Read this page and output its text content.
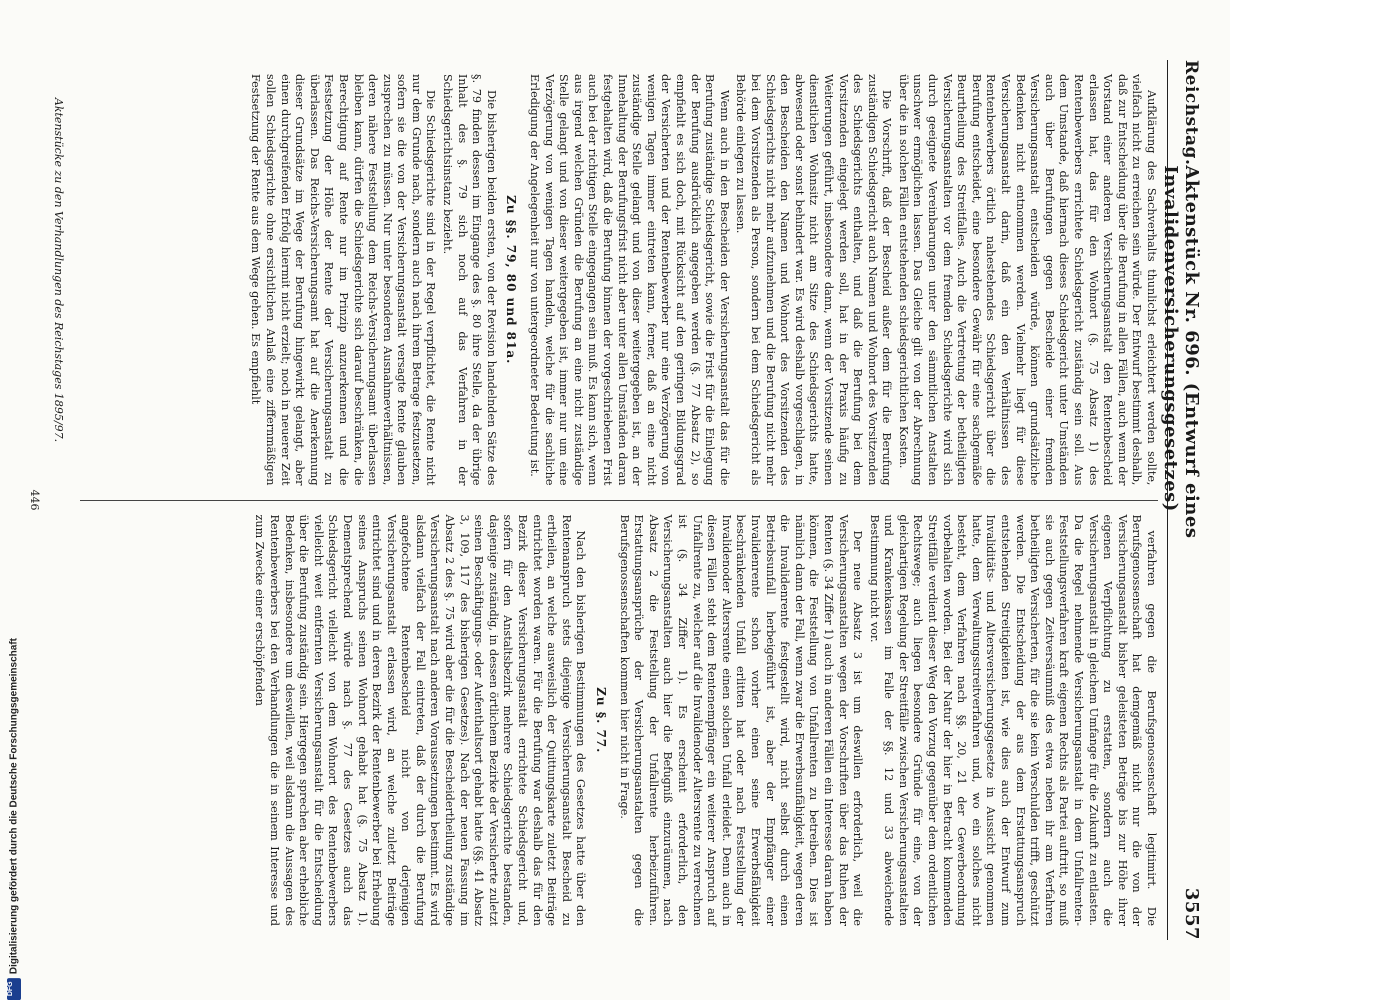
Reichstag.
Aktenstück Nr. 696. (Entwurf eines Invalidenversicherungsgesetzes)
3557

Aufklärung des Sachverhalts thunlichst erleichtert werden sollte, vielfach nicht zu erreichen sein würde. Der Entwurf bestimmt deshalb, daß zur Entscheidung über die Berufung in allen Fällen, auch wenn der Vorstand einer anderen Versicherungsanstalt den Rentenbescheid erlassen hat, das für den Wohnort (§. 75 Absatz 1) des Rentenbewerbers errichtete Schiedsgericht zuständig sein soll. Aus dem Umstande, daß hiernach dieses Schiedsgericht unter Umständen auch über Berufungen gegen Bescheide einer fremden Versicherungsanstalt entscheiden würde, können grundsätzliche Bedenken nicht entnommen werden. Vielmehr liegt für diese Versicherungsanstalt darin, daß ein den Verhältnissen des Rentenbewerbers örtlich nahestehendes Schiedsgericht über die Berufung entscheidet, eine besondere Gewähr für eine sachgemäße Beurtheilung des Streitfalles. Auch die Vertretung der betheiligten Versicherungsanstalten vor dem fremden Schiedsgerichte wird sich durch geeignete Vereinbarungen unter den sämmtlichen Anstalten unschwer ermöglichen lassen. Das Gleiche gilt von der Abrechnung über die in solchen Fällen entstehenden schiedsgerichtlichen Kosten.

Die Vorschrift, daß der Bescheid außer dem für die Berufung zuständigen Schiedsgericht auch Namen und Wohnort des Vorsitzenden des Schiedsgerichts enthalten, und daß die Berufung bei dem Vorsitzenden eingelegt werden soll, hat in der Praxis häufig zu Weiterungen geführt, insbesondere dann, wenn der Vorsitzende seinen dienstlichen Wohnsitz nicht am Sitze des Schiedsgerichts hatte, abwesend oder sonst behindert war. Es wird deshalb vorgeschlagen, in den Bescheiden den Namen und Wohnort des Vorsitzenden des Schiedsgerichts nicht mehr aufzunehmen und die Berufung nicht mehr bei dem Vorsitzenden als Person, sondern bei dem Schiedsgericht als Behörde einlegen zu lassen.

Wenn auch in den Bescheiden der Versicherungsanstalt das für die Berufung zuständige Schiedsgericht, sowie die Frist für die Einlegung der Berufung ausdrücklich angegeben werden (§. 77 Absatz 2), so empfiehlt es sich doch, mit Rücksicht auf den geringen Bildungsgrad der Versicherten und der Rentenbewerber nur eine Verzögerung von wenigen Tagen immer eintreten kann, ferner, daß an eine nicht zuständige Stelle gelangt und von dieser weitergegeben ist, an der Innehaltung der Berufungsfrist nicht aber unter allen Umständen daran festgehalten wird, daß die Berufung binnen der vorgeschriebenen Frist auch bei der richtigen Stelle eingegangen sein muß. Es kann sich, wenn aus irgend welchen Gründen die Berufung an eine nicht zuständige Stelle gelangt und von dieser weitergegeben ist, immer nur um eine Verzögerung von wenigen Tagen handeln, welche für die sachliche Erledigung der Angelegenheit nur von untergeordneter Bedeutung ist.

Zu §§. 79, 80 und 81a.

Die bisherigen beiden ersten, von der Revision handelnden Sätze des §. 79 finden dessen im Eingange des §. 80 ihre Stelle, da der übrige Inhalt des §. 79 sich noch auf das Verfahren in der Schiedsgerichtsinstanz bezieht.

Die Schiedsgerichte sind in der Regel verpflichtet, die Rente nicht nur dem Grunde nach, sondern auch nach ihrem Betrage festzusetzen, sofern sie die von der Versicherungsanstalt versagte Rente glauben zusprechen zu müssen. Nur unter besonderen Ausnahmeverhältnissen, deren nähere Feststellung dem Reichs-Versicherungsamt überlassen bleiben kann, dürfen die Schiedsgerichte sich darauf beschränken, die Berechtigung auf Rente nur im Prinzip anzuerkennen und die Festsetzung der Höhe der Rente der Versicherungsanstalt zu überlassen. Das Reichs-Versicherungsamt hat auf die Anerkennung dieser Grundsätze im Wege der Berufung hingewirkt gelangt, aber einen durchgreifenden Erfolg hiermit nicht erzielt; noch in neuerer Zeit sollen Schiedsgerichte ohne ersichtlichen Anlaß eine ziffernmäßigen Festsetzung der Rente aus dem Wege gehen. Es empfiehlt

verfahren gegen die Berufsgenossenschaft legitimirt. Die Berufsgenossenschaft hat demgemäß nicht nur die von der Versicherungsanstalt bisher geleisteten Beträge bis zur Höhe ihrer eigenen Verpflichtung zu erstatten, sondern auch die Versicherungsanstalt in gleichem Umfange für die Zukunft zu entlasten. Da die Regel nehmende Versicherungsanstalt in dem Unfallrenten-Feststellungsverfahren kraft eigenen Rechts als Partei auftritt, so muß sie auch gegen Zeitversäumniß des etwa neben ihr am Verfahren betheiligten Versicherten, für die sie kein Verschulden trifft, geschützt werden. Die Entscheidung der aus dem Erstattungsanspruch entstehenden Streitigkeiten ist, wie dies auch der Entwurf zum Invaliditäts- und Altersversicherungsgesetze in Aussicht genommen hatte, dem Verwaltungsstreitverfahren und, wo ein solches nicht besteht, dem Verfahren nach §§. 20, 21 der Gewerbeordnung vorbehalten worden. Bei der Natur der hier in Betracht kommenden Streitfälle verdient dieser Weg den Vorzug gegenüber dem ordentlichen Rechtswege; auch liegen besondere Gründe für eine, von der gleichartigen Regelung der Streitfälle zwischen Versicherungsanstalten und Krankenkassen im Falle der §§. 12 und 33 abweichende Bestimmung nicht vor.

Der neue Absatz 3 ist um deswillen erforderlich, weil die Versicherungsanstalten wegen der Vorschriften über das Ruhen der Renten (§. 34 Ziffer 1) auch in anderen Fällen ein Interesse daran haben können, die Feststellung von Unfallrenten zu betreiben. Dies ist nämlich dann der Fall, wenn zwar die Erwerbsunfähigkeit, wegen deren die Invalidenrente festgestellt wird, nicht selbst durch einen Betriebsunfall herbeigeführt ist, aber der Empfänger einer Invalidenrente schon vorher einen seine Erwerbsfähigkeit beschränkenden Unfall erlitten hat oder nach Feststellung der Invalidenoder Altersrente einen solchen Unfall erleidet. Denn auch in diesen Fällen steht dem Rentenempfänger ein weiterer Anspruch auf Unfallrente zu, welcher auf die Invalidenoder Altersrente zu verrechnen ist (§. 34 Ziffer 1). Es erscheint erforderlich, den Versicherungsanstalten auch hier die Befugniß einzuräumen, nach Absatz 2 die Feststellung der Unfallrente herbeizuführen. Erstattungsansprüche der Versicherungsanstalten gegen die Berufsgenossenschaften kommen hier nicht in Frage.

Zu §. 77.

Nach den bisherigen Bestimmungen des Gesetzes hatte über den Rentenanspruch stets diejenige Versicherungsanstalt Bescheid zu ertheilen, an welche ausweislich der Quittungskarte zuletzt Beiträge entrichtet worden waren. Für die Berufung war deshalb das für den Bezirk dieser Versicherungsanstalt errichtete Schiedsgericht und, sofern für den Anstaltsbezirk mehrere Schiedsgerichte bestanden, dasjenige zuständig, in dessen örtlichem Bezirke der Versicherte zuletzt seinen Beschäftigungs- oder Aufenthaltsort gehabt hatte (§§. 41 Absatz 3, 109, 117 des bisherigen Gesetzes). Nach der neuen Fassung im Absatz 2 des §. 75 wird aber die für die Bescheidertheilung zuständige Versicherungsanstalt nach anderen Voraussetzungen bestimmt. Es wird alsdann vielfach der Fall eintreten, daß der durch die Berufung angefochtene Rentenbescheid nicht von derjenigen Versicherungsanstalt erlassen wird, an welche zuletzt Beiträge entrichtet sind und in deren Bezirk der Rentenbewerber bei Erhebung seines Anspruchs seinen Wohnort gehabt hat (§. 75 Absatz 1). Dementsprechend würde nach §. 77 des Gesetzes auch das Schiedsgericht vielleicht von dem Wohnort des Rentenbewerbers vielleicht weit entfernten Versicherungsanstalt für die Entscheidung über die Berufung zuständig sein. Hiergegen sprechen aber erhebliche Bedenken, insbesondere um deswillen, weil alsdann die Aussagen des Rentenbewerbers bei den Verhandlungen die in seinem Interesse und zum Zwecke einer erschöpfenden

Aktenstücke zu den Verhandlungen des Reichstages 1895/97.
446
DFG
Digitalisierung gefördert durch die Deutsche Forschungsgemeinschaft
